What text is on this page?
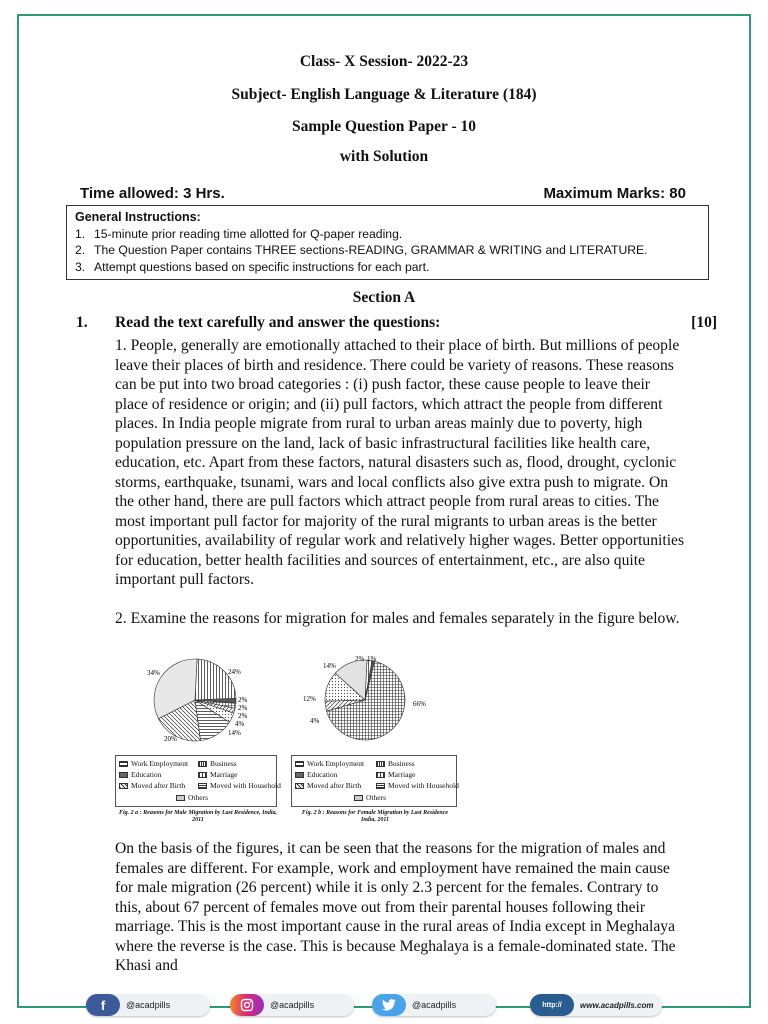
Class- X Session- 2022-23
Subject- English Language & Literature (184)
Sample Question Paper - 10
with Solution
Time allowed: 3 Hrs.	Maximum Marks: 80
General Instructions:
1. 15-minute prior reading time allotted for Q-paper reading.
2. The Question Paper contains THREE sections-READING, GRAMMAR & WRITING and LITERATURE.
3. Attempt questions based on specific instructions for each part.
Section A
1. Read the text carefully and answer the questions:	[10]
1. People, generally are emotionally attached to their place of birth. But millions of people leave their places of birth and residence. There could be variety of reasons. These reasons can be put into two broad categories : (i) push factor, these cause people to leave their place of residence or origin; and (ii) pull factors, which attract the people from different places. In India people migrate from rural to urban areas mainly due to poverty, high population pressure on the land, lack of basic infrastructural facilities like health care, education, etc. Apart from these factors, natural disasters such as, flood, drought, cyclonic storms, earthquake, tsunami, wars and local conflicts also give extra push to migrate. On the other hand, there are pull factors which attract people from rural areas to cities. The most important pull factor for majority of the rural migrants to urban areas is the better opportunities, availability of regular work and relatively higher wages. Better opportunities for education, better health facilities and sources of entertainment, etc., are also quite important pull factors.
2. Examine the reasons for migration for males and females separately in the figure below.
24%
2%
2%
2%
4%
14%
20%
34%
2% 1%
66%
4%
12%
14%
Work Employment	Business
Education	Marriage
Moved after Birth	Moved with Household
Others
Work Employment	Business
Education	Marriage
Moved after Birth	Moved with Household
Others
Fig. 2 a : Reasons for Male Migration by Last Residence, India, 2011
Fig. 2 b : Reasons for Female Migration by Last Residence India, 2011
On the basis of the figures, it can be seen that the reasons for the migration of males and females are different. For example, work and employment have remained the main cause for male migration (26 percent) while it is only 2.3 percent for the females. Contrary to this, about 67 percent of females move out from their parental houses following their marriage. This is the most important cause in the rural areas of India except in Meghalaya where the reverse is the case. This is because Meghalaya is a female-dominated state. The Khasi and
f	@acadpills	@acadpills	@acadpills	http://	www.acadpills.com
